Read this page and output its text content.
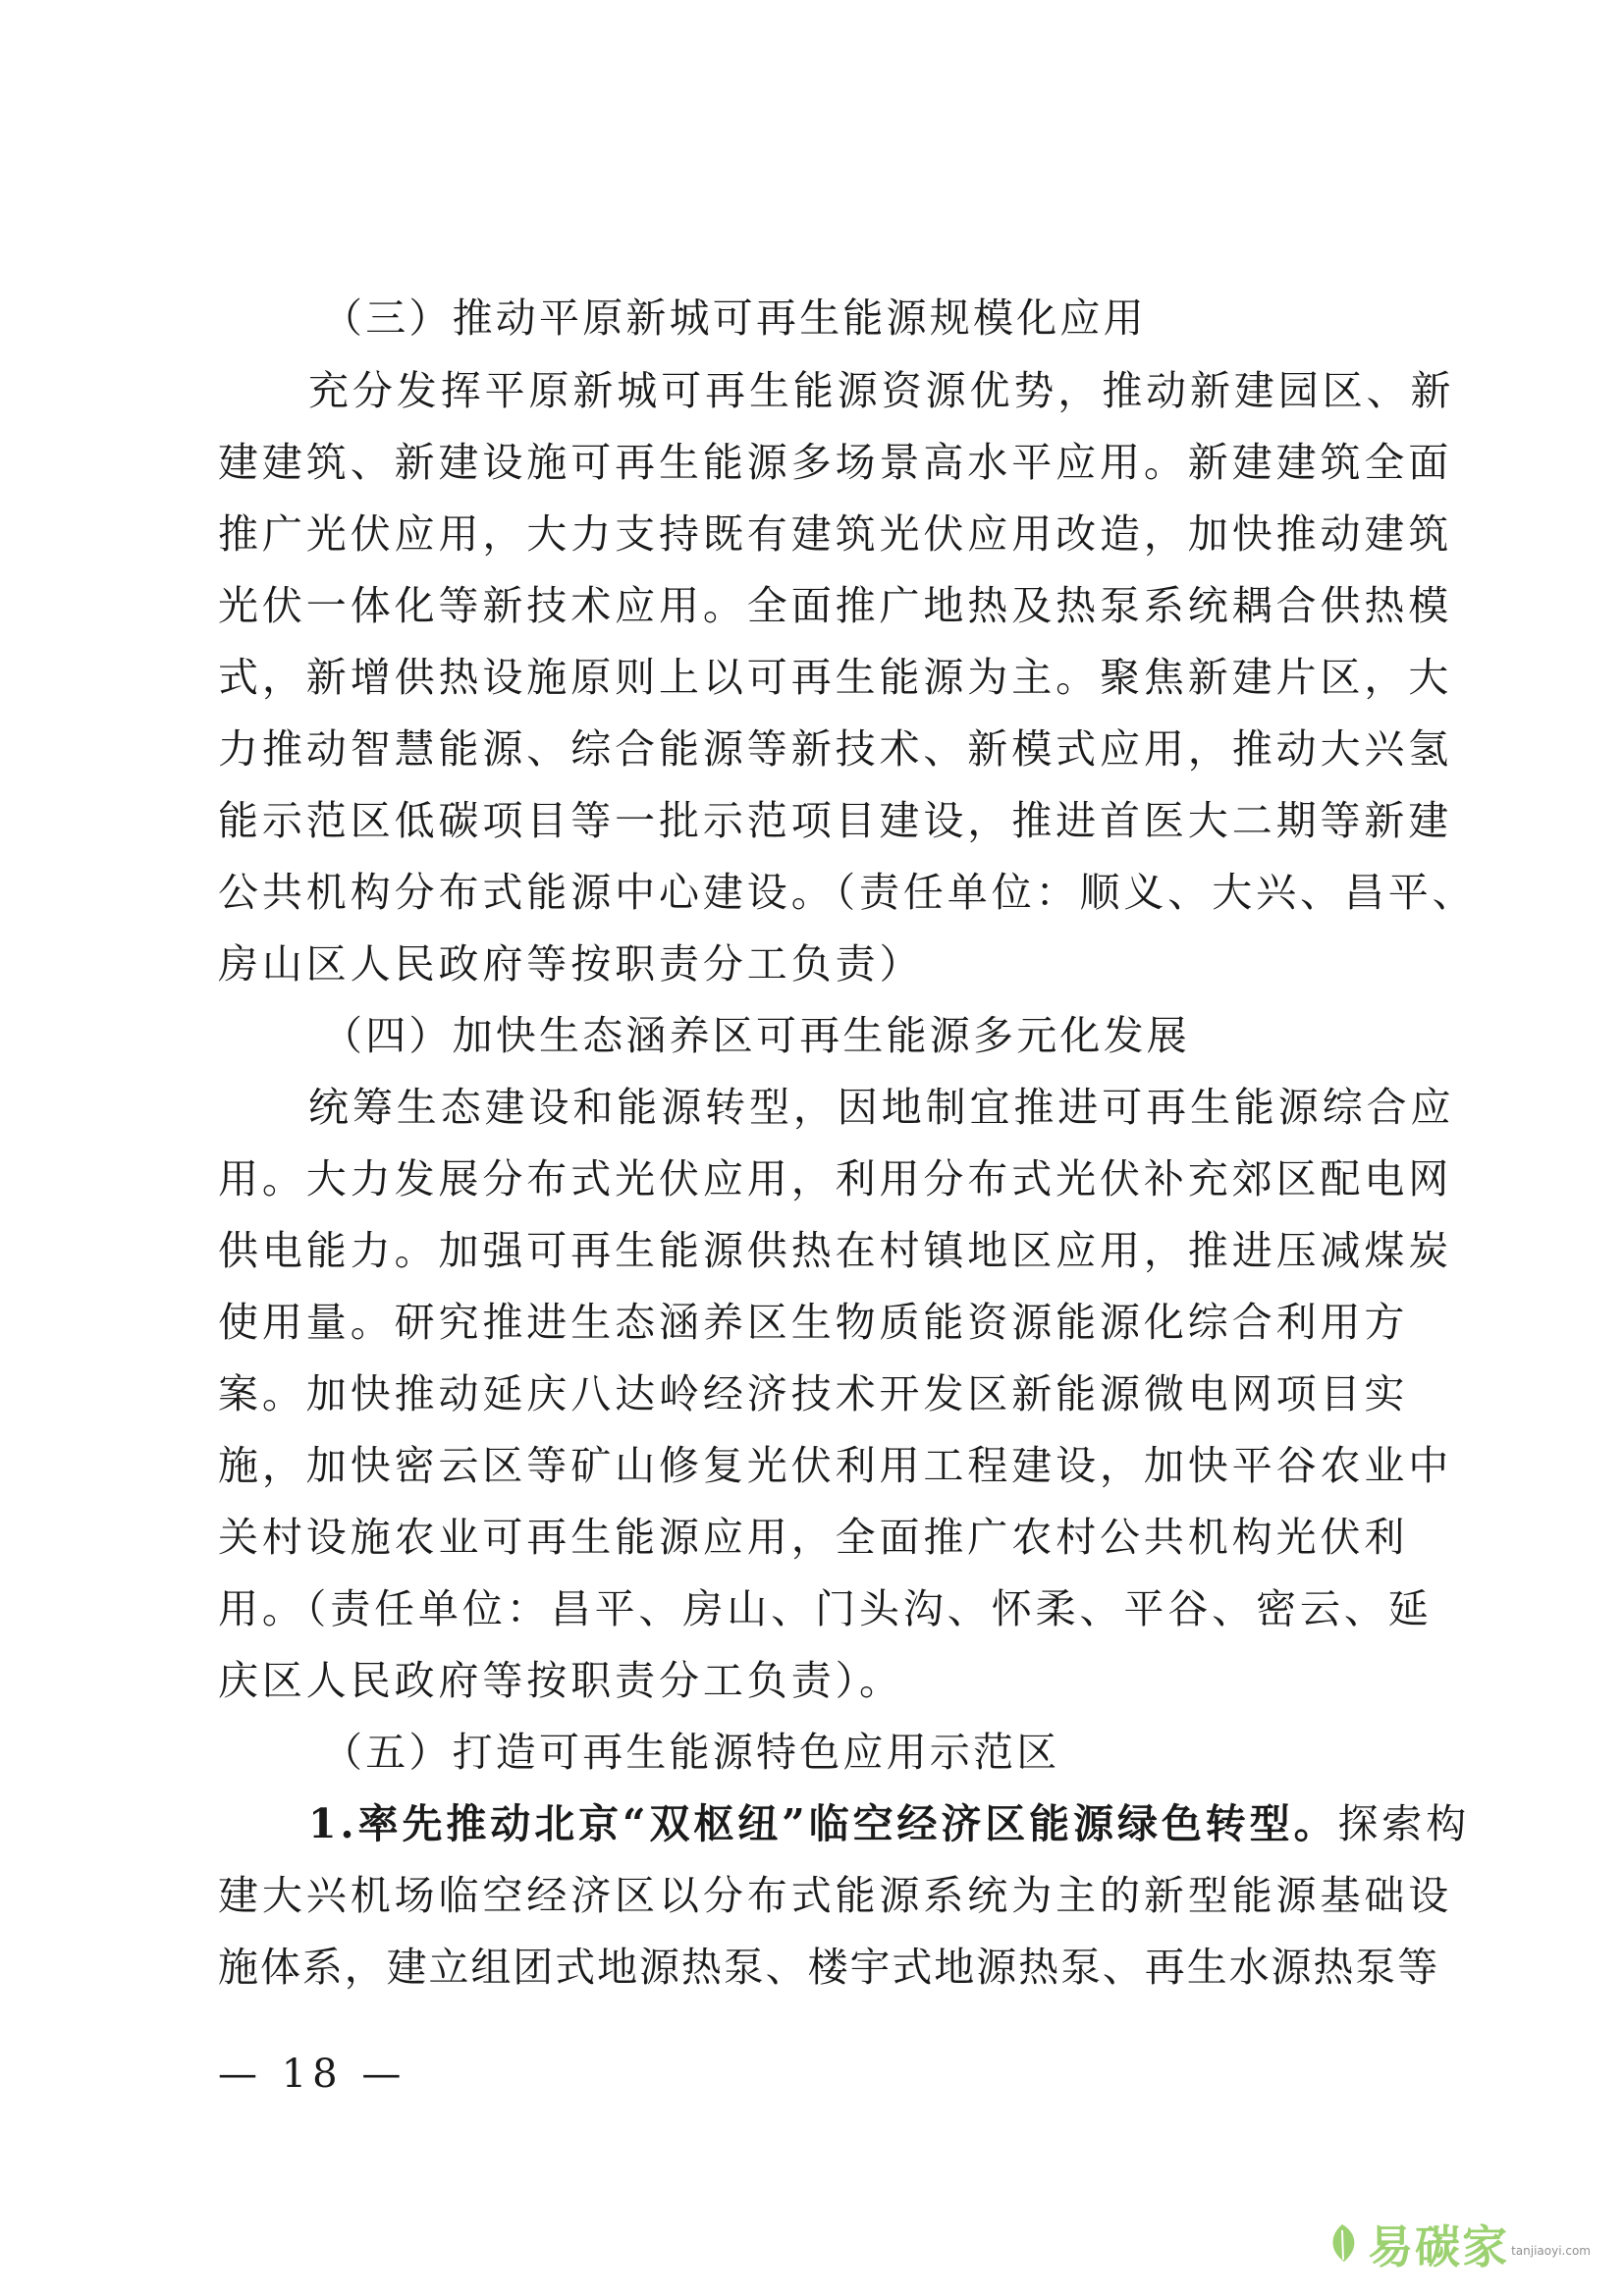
（三）推动平原新城可再生能源规模化应用
充分发挥平原新城可再生能源资源优势，推动新建园区、新
建建筑、新建设施可再生能源多场景高水平应用。新建建筑全面
推广光伏应用，大力支持既有建筑光伏应用改造，加快推动建筑
光伏一体化等新技术应用。全面推广地热及热泵系统耦合供热模
式，新增供热设施原则上以可再生能源为主。聚焦新建片区，大
力推动智慧能源、综合能源等新技术、新模式应用，推动大兴氢
能示范区低碳项目等一批示范项目建设，推进首医大二期等新建
公共机构分布式能源中心建设。（责任单位：顺义、大兴、昌平、
房山区人民政府等按职责分工负责）
（四）加快生态涵养区可再生能源多元化发展
统筹生态建设和能源转型，因地制宜推进可再生能源综合应
用。大力发展分布式光伏应用，利用分布式光伏补充郊区配电网
供电能力。加强可再生能源供热在村镇地区应用，推进压减煤炭
使用量。研究推进生态涵养区生物质能资源能源化综合利用方
案。加快推动延庆八达岭经济技术开发区新能源微电网项目实
施，加快密云区等矿山修复光伏利用工程建设，加快平谷农业中
关村设施农业可再生能源应用，全面推广农村公共机构光伏利
用。（责任单位：昌平、房山、门头沟、怀柔、平谷、密云、延
庆区人民政府等按职责分工负责）。
（五）打造可再生能源特色应用示范区
1.率先推动北京“双枢纽”临空经济区能源绿色转型。探索构
建大兴机场临空经济区以分布式能源系统为主的新型能源基础设
施体系，建立组团式地源热泵、楼宇式地源热泵、再生水源热泵等
— 18 —
易碳家 tanjiaoyi.com
